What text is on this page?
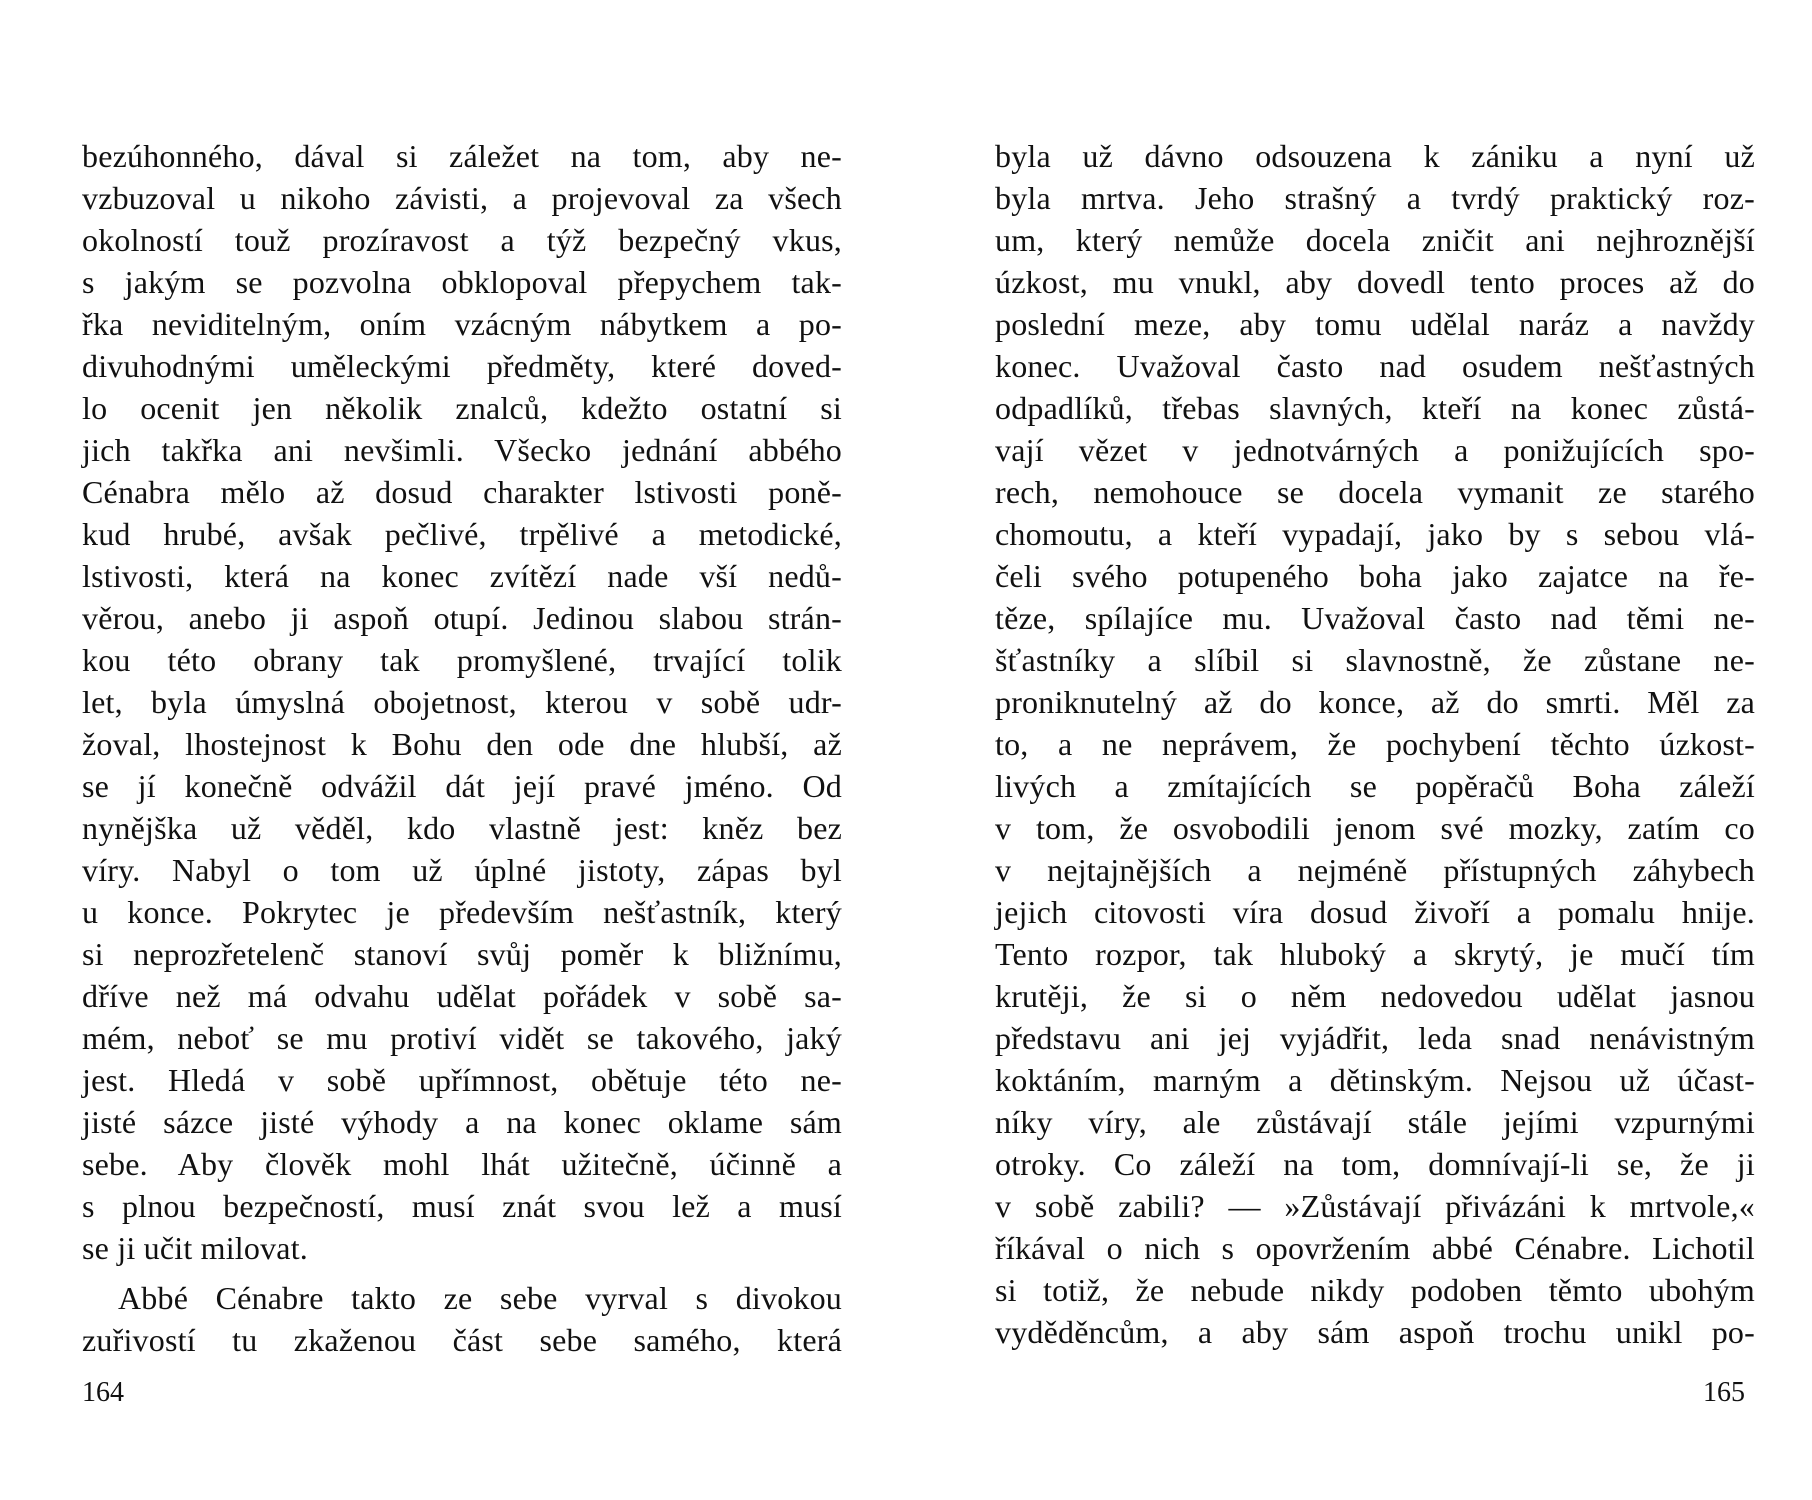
bezúhonného, dával si záležet na tom, aby ne-
vzbuzoval u nikoho závisti, a projevoval za všech
okolností touž prozíravost a týž bezpečný vkus,
s jakým se pozvolna obklopoval přepychem tak-
řka neviditelným, oním vzácným nábytkem a po-
divuhodnými uměleckými předměty, které doved-
lo ocenit jen několik znalců, kdežto ostatní si
jich takřka ani nevšimli. Všecko jednání abbého
Cénabra mělo až dosud charakter lstivosti poně-
kud hrubé, avšak pečlivé, trpělivé a metodické,
lstivosti, která na konec zvítězí nade vší nedů-
věrou, anebo ji aspoň otupí. Jedinou slabou strán-
kou této obrany tak promyšlené, trvající tolik
let, byla úmyslná obojetnost, kterou v sobě udr-
žoval, lhostejnost k Bohu den ode dne hlubší, až
se jí konečně odvážil dát její pravé jméno. Od
nynějška už věděl, kdo vlastně jest: kněz bez
víry. Nabyl o tom už úplné jistoty, zápas byl
u konce. Pokrytec je především nešťastník, který
si neprozřetelenč stanoví svůj poměr k bližnímu,
dříve než má odvahu udělat pořádek v sobě sa-
mém, neboť se mu protiví vidět se takového, jaký
jest. Hledá v sobě upřímnost, obětuje této ne-
jisté sázce jisté výhody a na konec oklame sám
sebe. Aby člověk mohl lhát užitečně, účinně a
s plnou bezpečností, musí znát svou lež a musí
se ji učit milovat.
Abbé Cénabre takto ze sebe vyrval s divokou
zuřivostí tu zkaženou část sebe samého, která
byla už dávno odsouzena k zániku a nyní už
byla mrtva. Jeho strašný a tvrdý praktický roz-
um, který nemůže docela zničit ani nejhroznější
úzkost, mu vnukl, aby dovedl tento proces až do
poslední meze, aby tomu udělal naráz a navždy
konec. Uvažoval často nad osudem nešťastných
odpadlíků, třebas slavných, kteří na konec zůstá-
vají vězet v jednotvárných a ponižujících spo-
rech, nemohouce se docela vymanit ze starého
chomoutu, a kteří vypadají, jako by s sebou vlá-
čeli svého potupeného boha jako zajatce na ře-
těze, spílajíce mu. Uvažoval často nad těmi ne-
šťastníky a slíbil si slavnostně, že zůstane ne-
proniknutelný až do konce, až do smrti. Měl za
to, a ne neprávem, že pochybení těchto úzkost-
livých a zmítajících se popěračů Boha záleží
v tom, že osvobodili jenom své mozky, zatím co
v nejtajnějších a nejméně přístupných záhybech
jejich citovosti víra dosud živoří a pomalu hnije.
Tento rozpor, tak hluboký a skrytý, je mučí tím
krutěji, že si o něm nedovedou udělat jasnou
představu ani jej vyjádřit, leda snad nenávistným
koktáním, marným a dětinským. Nejsou už účast-
níky víry, ale zůstávají stále jejími vzpurnými
otroky. Co záleží na tom, domnívají-li se, že ji
v sobě zabili? — »Zůstávají přivázáni k mrtvole,«
říkával o nich s opovržením abbé Cénabre. Lichotil
si totiž, že nebude nikdy podoben těmto ubohým
vyděděncům, a aby sám aspoň trochu unikl po-
164	165
